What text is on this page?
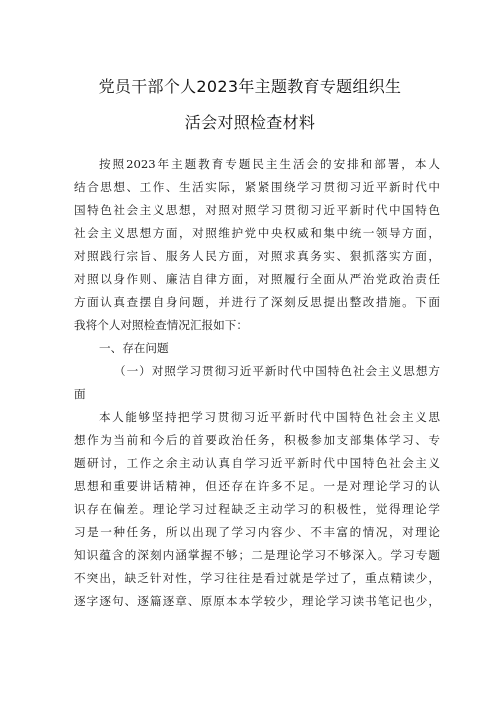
党员干部个人2023年主题教育专题组织生
活会对照检查材料
按照2023年主题教育专题民主生活会的安排和部署，本人
结合思想、工作、生活实际，紧紧围绕学习贯彻习近平新时代中
国特色社会主义思想，对照对照学习贯彻习近平新时代中国特色
社会主义思想方面，对照维护党中央权威和集中统一领导方面，
对照践行宗旨、服务人民方面，对照求真务实、狠抓落实方面，
对照以身作则、廉洁自律方面，对照履行全面从严治党政治责任
方面认真查摆自身问题，并进行了深刻反思提出整改措施。下面
我将个人对照检查情况汇报如下：
一、存在问题
（一）对照学习贯彻习近平新时代中国特色社会主义思想方
面
本人能够坚持把学习贯彻习近平新时代中国特色社会主义思
想作为当前和今后的首要政治任务，积极参加支部集体学习、专
题研讨，工作之余主动认真自学习近平新时代中国特色社会主义
思想和重要讲话精神，但还存在许多不足。一是对理论学习的认
识存在偏差。理论学习过程缺乏主动学习的积极性，觉得理论学
习是一种任务，所以出现了学习内容少、不丰富的情况，对理论
知识蕴含的深刻内涵掌握不够；二是理论学习不够深入。学习专题
不突出，缺乏针对性，学习往往是看过就是学过了，重点精读少，
逐字逐句、逐篇逐章、原原本本学较少，理论学习读书笔记也少，
